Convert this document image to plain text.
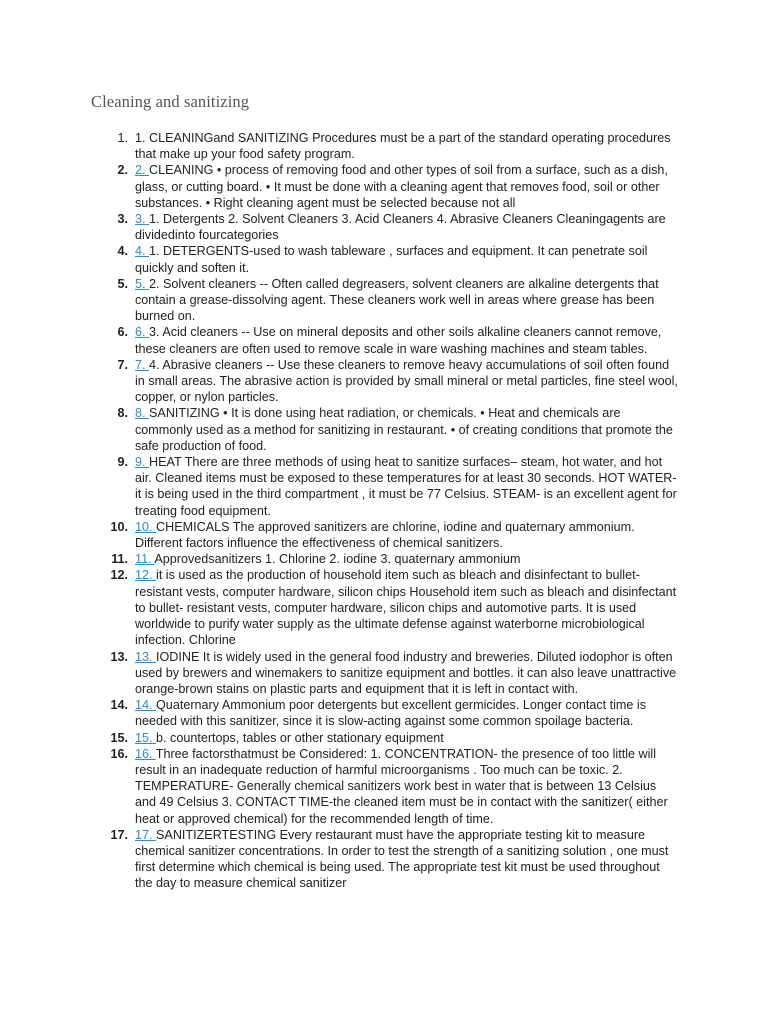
Cleaning and sanitizing
1. 1. CLEANINGand SANITIZING Procedures must be a part of the standard operating procedures that make up your food safety program.
2. 2. CLEANING • process of removing food and other types of soil from a surface, such as a dish, glass, or cutting board. • It must be done with a cleaning agent that removes food, soil or other substances. • Right cleaning agent must be selected because not all
3. 3. 1. Detergents 2. Solvent Cleaners 3. Acid Cleaners 4. Abrasive Cleaners Cleaningagents are dividedinto fourcategories
4. 4. 1. DETERGENTS-used to wash tableware , surfaces and equipment. It can penetrate soil quickly and soften it.
5. 5. 2. Solvent cleaners -- Often called degreasers, solvent cleaners are alkaline detergents that contain a grease-dissolving agent. These cleaners work well in areas where grease has been burned on.
6. 6. 3. Acid cleaners -- Use on mineral deposits and other soils alkaline cleaners cannot remove, these cleaners are often used to remove scale in ware washing machines and steam tables.
7. 7. 4. Abrasive cleaners -- Use these cleaners to remove heavy accumulations of soil often found in small areas. The abrasive action is provided by small mineral or metal particles, fine steel wool, copper, or nylon particles.
8. 8. SANITIZING • It is done using heat radiation, or chemicals. • Heat and chemicals are commonly used as a method for sanitizing in restaurant. • of creating conditions that promote the safe production of food.
9. 9. HEAT There are three methods of using heat to sanitize surfaces– steam, hot water, and hot air. Cleaned items must be exposed to these temperatures for at least 30 seconds. HOT WATER- it is being used in the third compartment , it must be 77 Celsius. STEAM- is an excellent agent for treating food equipment.
10. 10. CHEMICALS The approved sanitizers are chlorine, iodine and quaternary ammonium. Different factors influence the effectiveness of chemical sanitizers.
11. 11. Approvedsanitizers 1. Chlorine 2. iodine 3. quaternary ammonium
12. 12. it is used as the production of household item such as bleach and disinfectant to bullet-resistant vests, computer hardware, silicon chips Household item such as bleach and disinfectant to bullet- resistant vests, computer hardware, silicon chips and automotive parts. It is used worldwide to purify water supply as the ultimate defense against waterborne microbiological infection. Chlorine
13. 13. IODINE It is widely used in the general food industry and breweries. Diluted iodophor is often used by brewers and winemakers to sanitize equipment and bottles. it can also leave unattractive orange-brown stains on plastic parts and equipment that it is left in contact with.
14. 14. Quaternary Ammonium poor detergents but excellent germicides. Longer contact time is needed with this sanitizer, since it is slow-acting against some common spoilage bacteria.
15. 15. b. countertops, tables or other stationary equipment
16. 16. Three factorsthatmust be Considered: 1. CONCENTRATION- the presence of too little will result in an inadequate reduction of harmful microorganisms . Too much can be toxic. 2. TEMPERATURE- Generally chemical sanitizers work best in water that is between 13 Celsius and 49 Celsius 3. CONTACT TIME-the cleaned item must be in contact with the sanitizer( either heat or approved chemical) for the recommended length of time.
17. 17. SANITIZERTESTING Every restaurant must have the appropriate testing kit to measure chemical sanitizer concentrations. In order to test the strength of a sanitizing solution , one must first determine which chemical is being used. The appropriate test kit must be used throughout the day to measure chemical sanitizer
